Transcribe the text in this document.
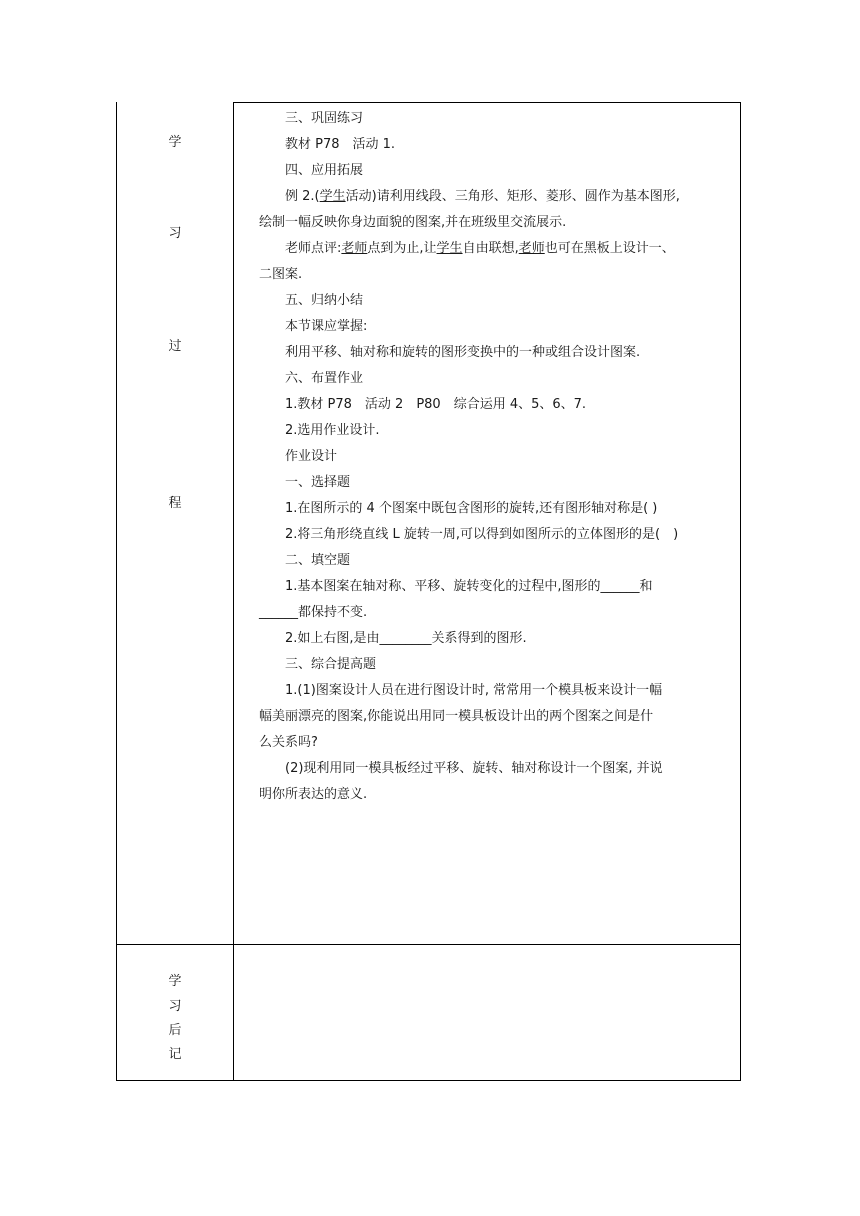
学
习
过
程
学
习
后
记

三、巩固练习

教材 P78　活动 1.

四、应用拓展

例 2.(学生活动)请利用线段、三角形、矩形、菱形、圆作为基本图形,

绘制一幅反映你身边面貌的图案,并在班级里交流展示.

老师点评:老师点到为止,让学生自由联想,老师也可在黑板上设计一、

二图案.

五、归纳小结

本节课应掌握:

利用平移、轴对称和旋转的图形变换中的一种或组合设计图案.

六、布置作业

1.教材 P78　活动 2　P80　综合运用 4、5、6、7.

2.选用作业设计.

作业设计

一、选择题

1.在图所示的 4 个图案中既包含图形的旋转,还有图形轴对称是( )

2.将三角形绕直线 L 旋转一周,可以得到如图所示的立体图形的是(　)

二、填空题

1.基本图案在轴对称、平移、旋转变化的过程中,图形的______和

______都保持不变.

2.如上右图,是由________关系得到的图形.

三、综合提高题

1.(1)图案设计人员在进行图设计时, 常常用一个模具板来设计一幅

幅美丽漂亮的图案,你能说出用同一模具板设计出的两个图案之间是什

么关系吗?

(2)现利用同一模具板经过平移、旋转、轴对称设计一个图案, 并说

明你所表达的意义.
